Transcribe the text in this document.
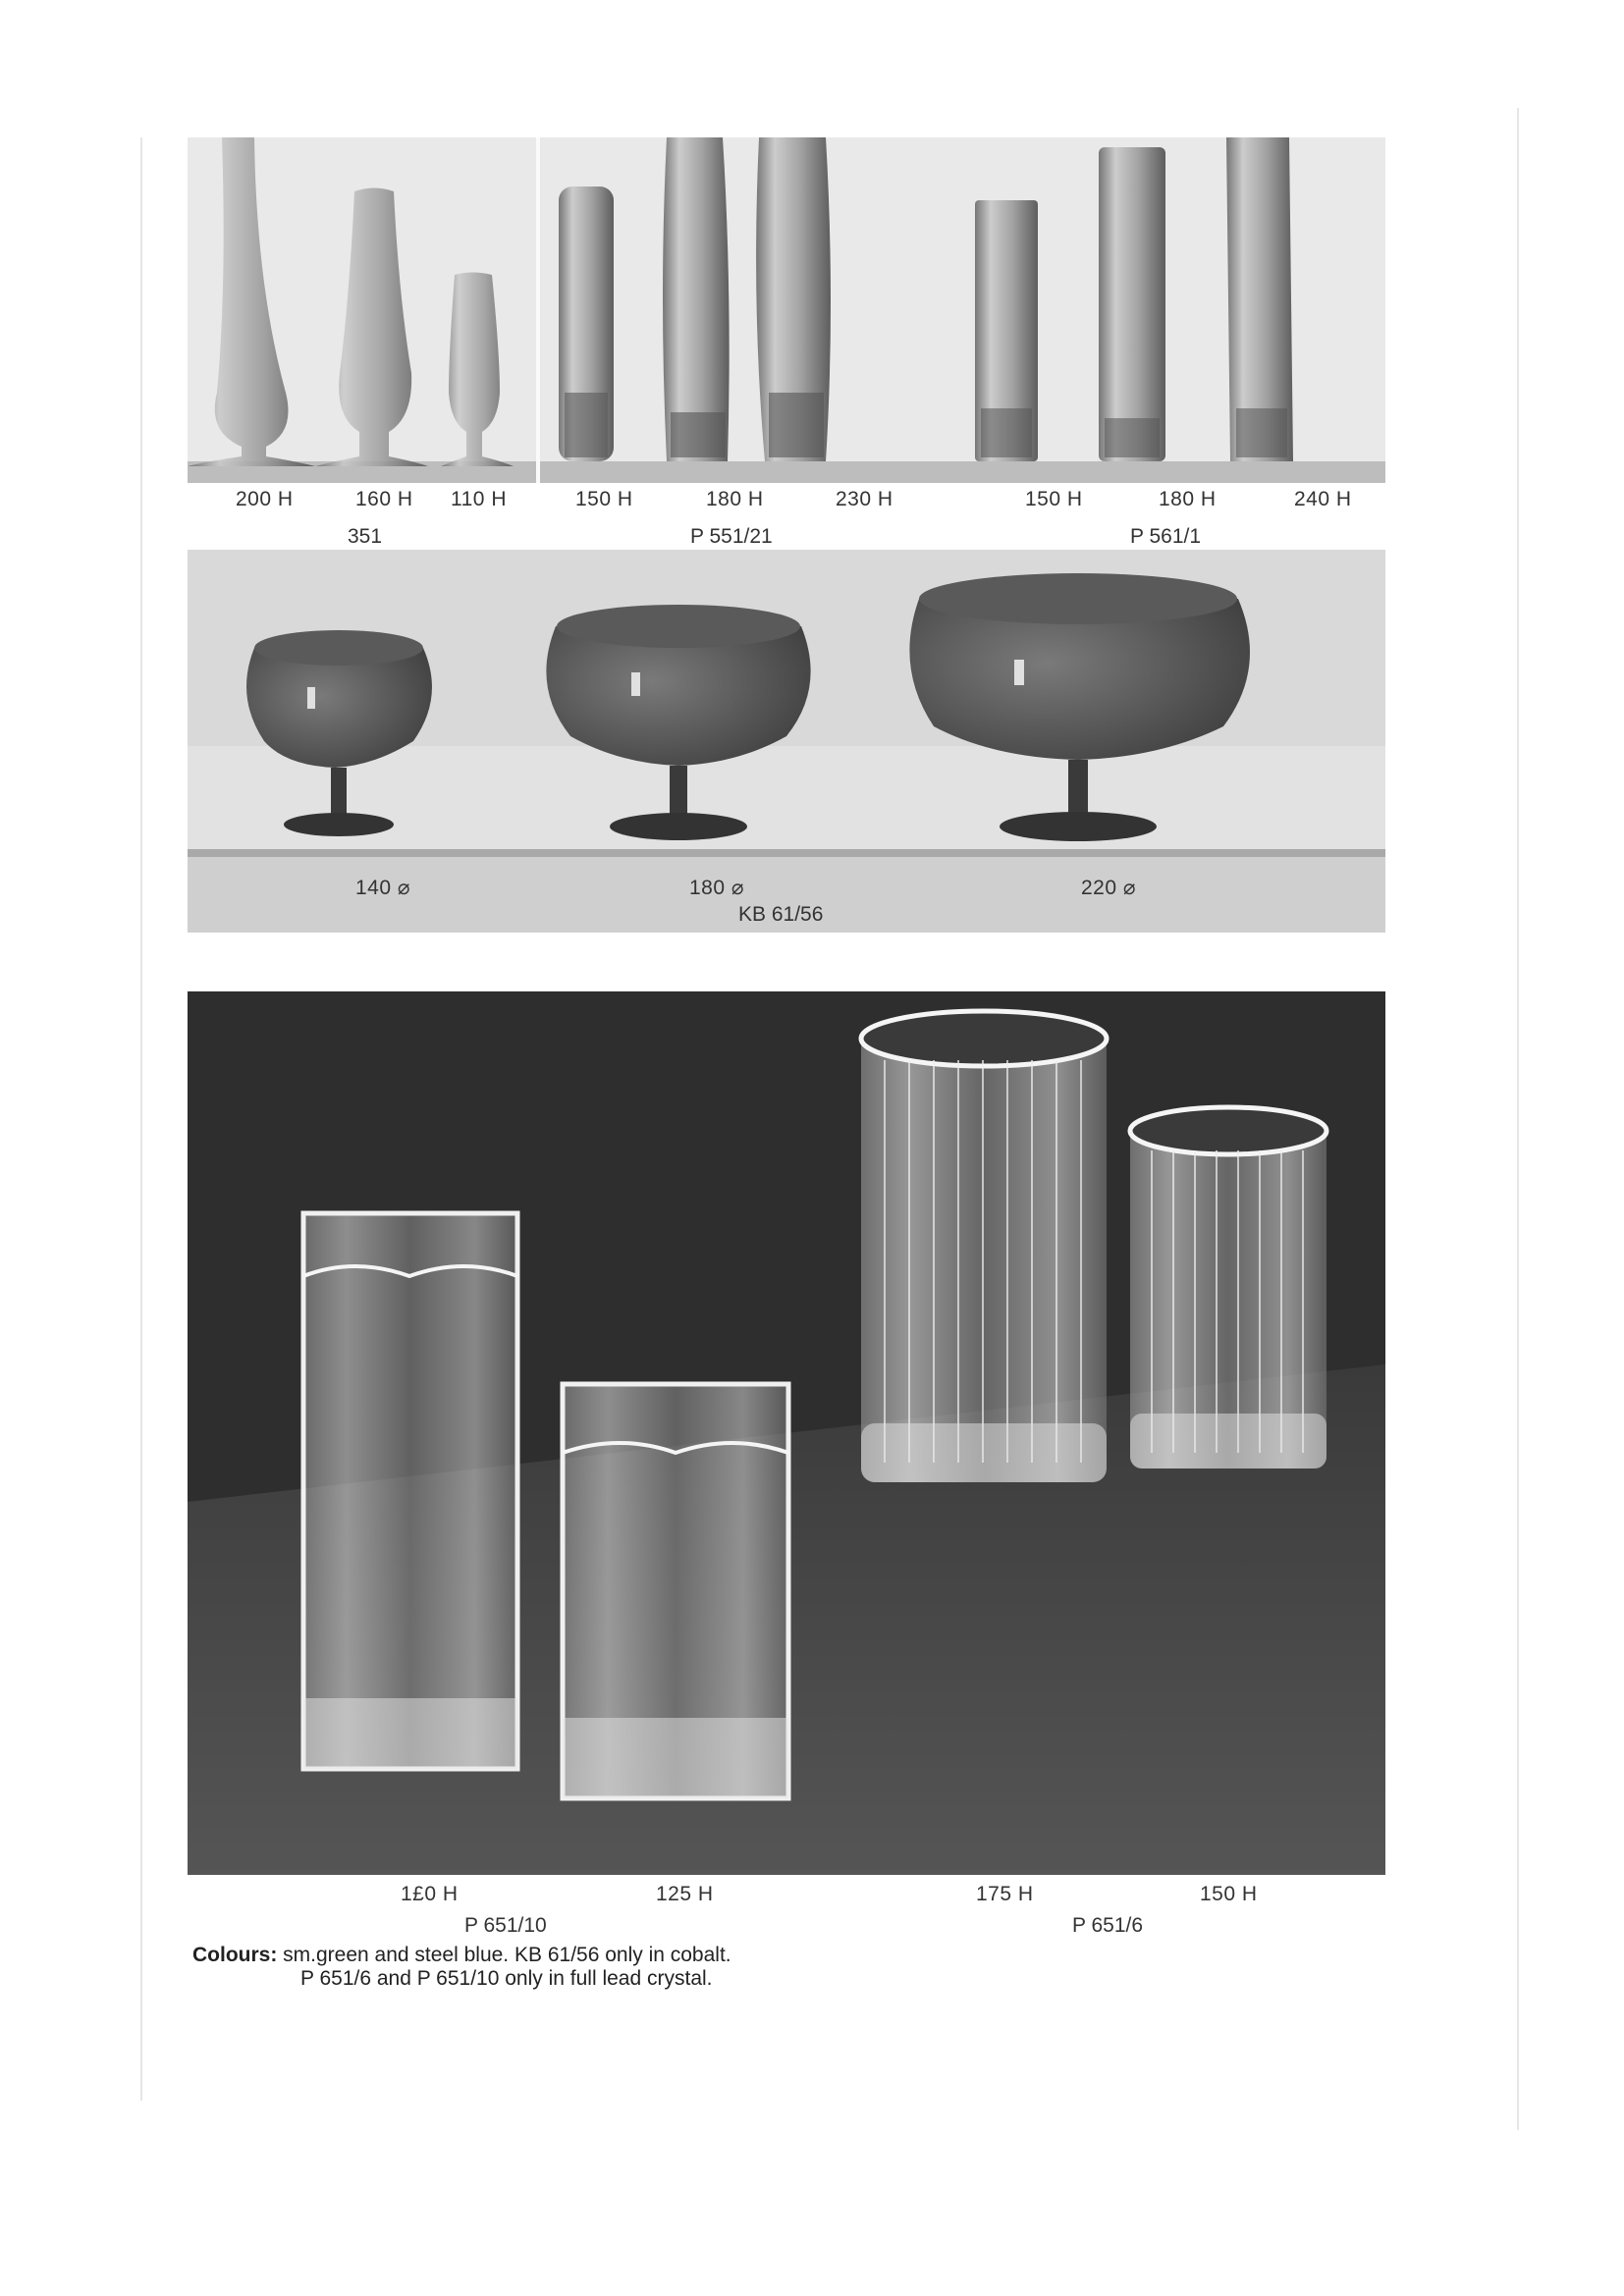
200 H	160 H 110 H
351
150 H	180 H	230 H
P 551/21
150 H	180 H	240 H
P 561/1
140 ⌀	180 ⌀	220 ⌀
KB 61/56
1£0 H	125 H
P 651/10
175 H	150 H
P 651/6
Colours: sm.green and steel blue. KB 61/56 only in cobalt.
P 651/6 and P 651/10 only in full lead crystal.
